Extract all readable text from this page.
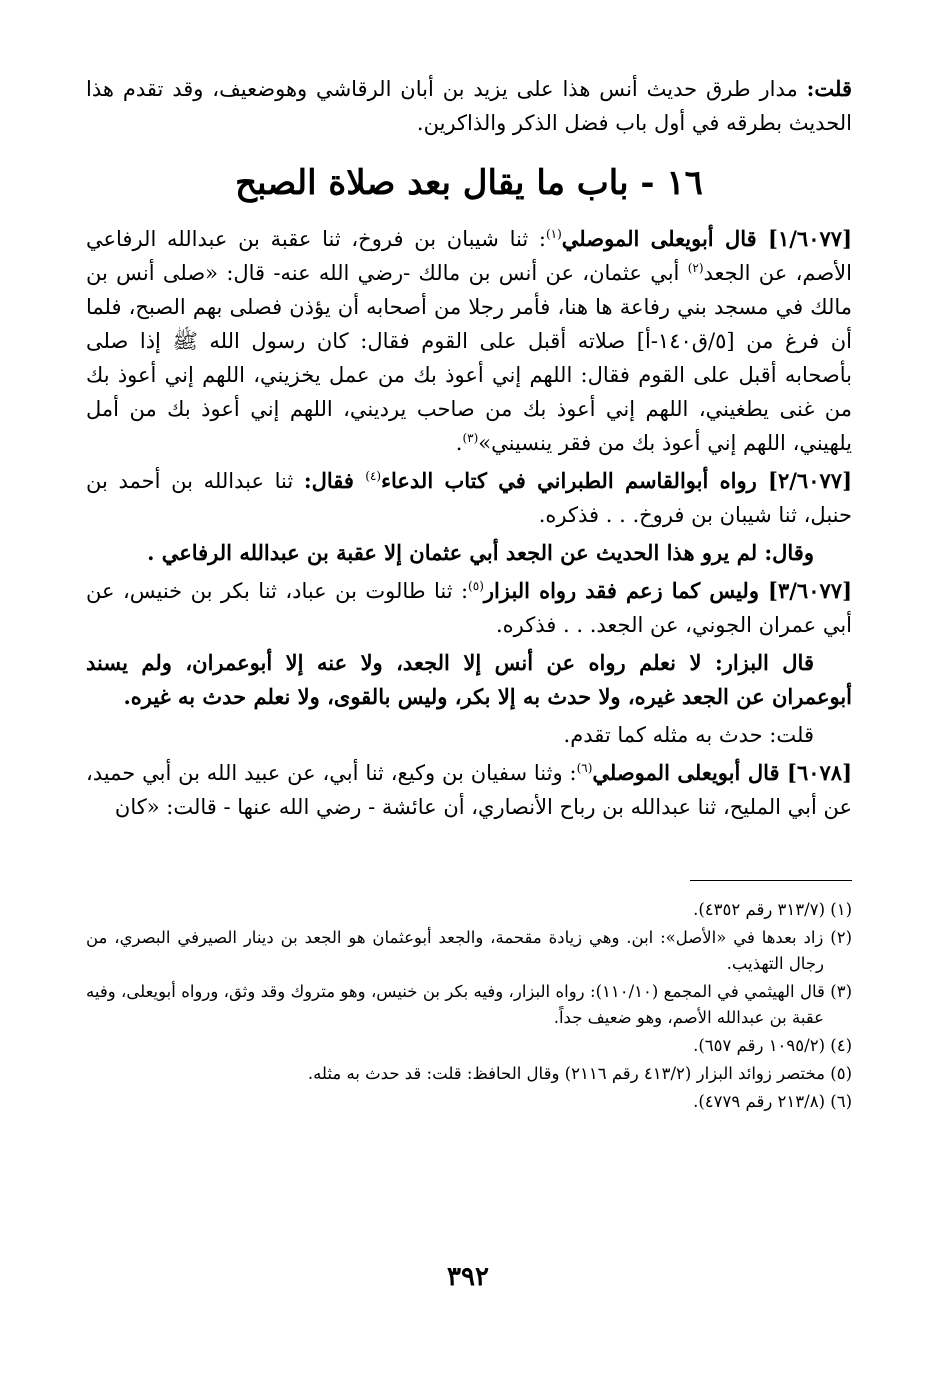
قلت: مدار طرق حديث أنس هذا على يزيد بن أبان الرقاشي وهوضعيف، وقد تقدم هذا الحديث بطرقه في أول باب فضل الذكر والذاكرين.

١٦ - باب ما يقال بعد صلاة الصبح

[١/٦٠٧٧] قال أبويعلى الموصلي$^{(١)}$: ثنا شيبان بن فروخ، ثنا عقبة بن عبدالله الرفاعي الأصم، عن الجعد$^{(٢)}$ أبي عثمان، عن أنس بن مالك -رضي الله عنه- قال: «صلى أنس بن مالك في مسجد بني رفاعة ها هنا، فأمر رجلا من أصحابه أن يؤذن فصلى بهم الصبح، فلما أن فرغ من [٥/ق١٤٠-أ] صلاته أقبل على القوم فقال: كان رسول الله ﷺ إذا صلى بأصحابه أقبل على القوم فقال: اللهم إني أعوذ بك من عمل يخزيني، اللهم إني أعوذ بك من غنى يطغيني، اللهم إني أعوذ بك من صاحب يرديني، اللهم إني أعوذ بك من أمل يلهيني، اللهم إني أعوذ بك من فقر ينسيني»$^{(٣)}$.

[٢/٦٠٧٧] رواه أبوالقاسم الطبراني في كتاب الدعاء$^{(٤)}$ فقال: ثنا عبدالله بن أحمد بن حنبل، ثنا شيبان بن فروخ. . . فذكره.

وقال: لم يرو هذا الحديث عن الجعد أبي عثمان إلا عقبة بن عبدالله الرفاعي .

[٣/٦٠٧٧] وليس كما زعم فقد رواه البزار$^{(٥)}$: ثنا طالوت بن عباد، ثنا بكر بن خنيس، عن أبي عمران الجوني، عن الجعد. . . فذكره.

قال البزار: لا نعلم رواه عن أنس إلا الجعد، ولا عنه إلا أبوعمران، ولم يسند أبوعمران عن الجعد غيره، ولا حدث به إلا بكر، وليس بالقوى، ولا نعلم حدث به غيره.

قلت: حدث به مثله كما تقدم.

[٦٠٧٨] قال أبويعلى الموصلي$^{(٦)}$: وثنا سفيان بن وكيع، ثنا أبي، عن عبيد الله بن أبي حميد، عن أبي المليح، ثنا عبدالله بن رباح الأنصاري، أن عائشة - رضي الله عنها - قالت: «كان

(١) (٣١٣/٧ رقم ٤٣٥٢).

(٢) زاد بعدها في «الأصل»: ابن. وهي زيادة مقحمة، والجعد أبوعثمان هو الجعد بن دينار الصيرفي البصري، من رجال التهذيب.

(٣) قال الهيثمي في المجمع (١١٠/١٠): رواه البزار، وفيه بكر بن خنيس، وهو متروك وقد وثق، ورواه أبويعلى، وفيه عقبة بن عبدالله الأصم، وهو ضعيف جداً.

(٤) (١٠٩٥/٢ رقم ٦٥٧).

(٥) مختصر زوائد البزار (٤١٣/٢ رقم ٢١١٦) وقال الحافظ: قلت: قد حدث به مثله.

(٦) (٢١٣/٨ رقم ٤٧٧٩).

٣٩٢
